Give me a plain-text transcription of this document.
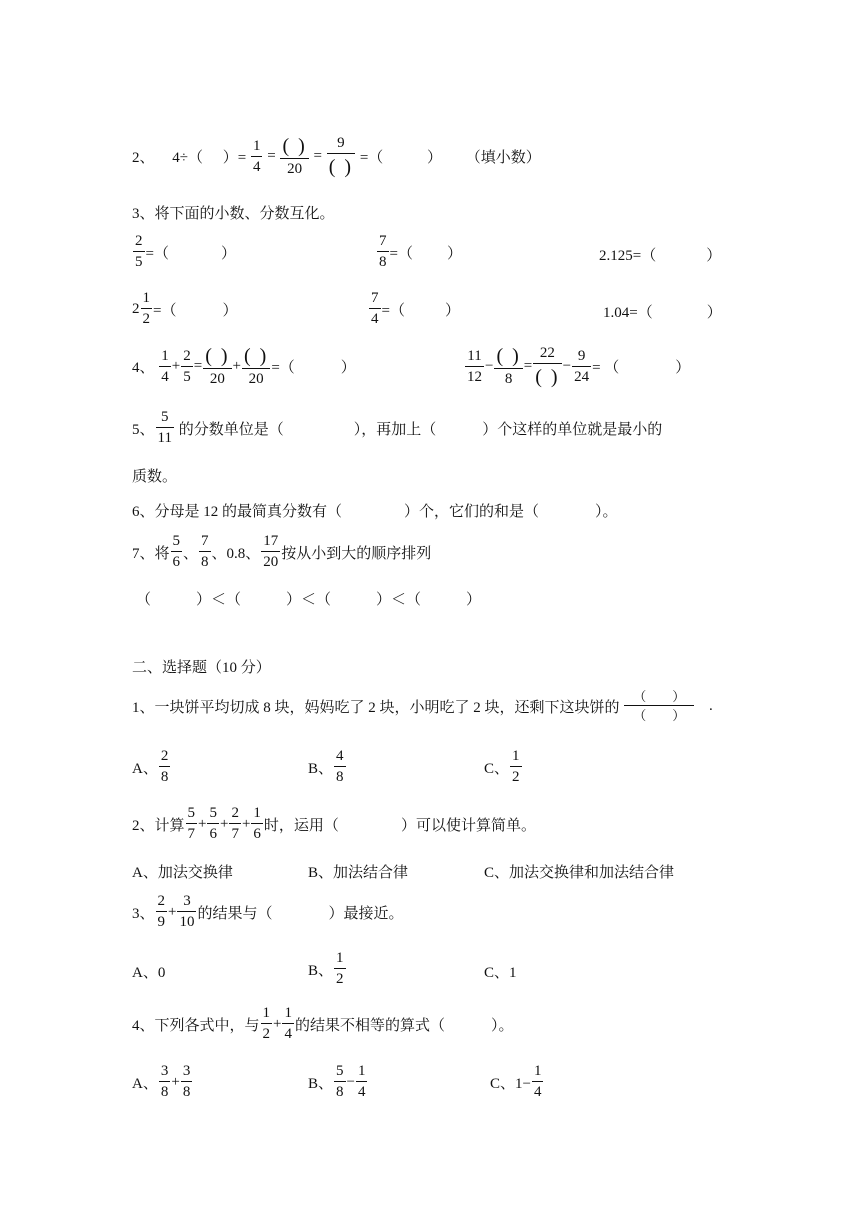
2、 4÷（ ）= $\frac{1}{4} = \frac{( )}{20} = \frac{9}{( )}$ =（	） （填小数）
3、将下面的小数、分数互化。
$\frac{2}{5}$ =（	）	$\frac{7}{8}$ =（ ）	2.125=（	）
$2 \frac{1}{2}$ =（	）	$\frac{7}{4}$ =（	）	1.04=（	）
4、 $\frac{1}{4} + \frac{2}{5} = \frac{( )}{20} + \frac{( )}{20}$ =（	）	$\frac{11}{12} - \frac{( )}{8} = \frac{22}{( )} - \frac{9}{24}$ = （	）
5、 $\frac{5}{11}$ 的分数单位是（	），再加上（	）个这样的单位就是最小的
质数。
6、分母是 12 的最简真分数有（	）个，它们的和是（	）。
7、将 $\frac{5}{6}$ 、 $\frac{7}{8}$ 、0.8、 $\frac{17}{20}$ 按从小到大的顺序排列
（　　　）＜（　　　）＜（　　　）＜（　　　）
二、选择题（10 分）
1、一块饼平均切成 8 块，妈妈吃了 2 块，小明吃了 2 块，还剩下这块饼的 $\frac{( )}{( )}$ .
A、 $\frac{2}{8}$	B、 $\frac{4}{8}$	C、 $\frac{1}{2}$
2、计算 $\frac{5}{7} + \frac{5}{6} + \frac{2}{7} + \frac{1}{6}$ 时，运用（	）可以使计算简单。
A、加法交换律	B、加法结合律	C、加法交换律和加法结合律
3、 $\frac{2}{9} + \frac{3}{10}$ 的结果与（	）最接近。
A、0	B、 $\frac{1}{2}$	C、1
4、下列各式中，与 $\frac{1}{2} + \frac{1}{4}$ 的结果不相等的算式（	）。
A、 $\frac{3}{8} + \frac{3}{8}$	B、 $\frac{5}{8} - \frac{1}{4}$	C、$1- \frac{1}{4}$
